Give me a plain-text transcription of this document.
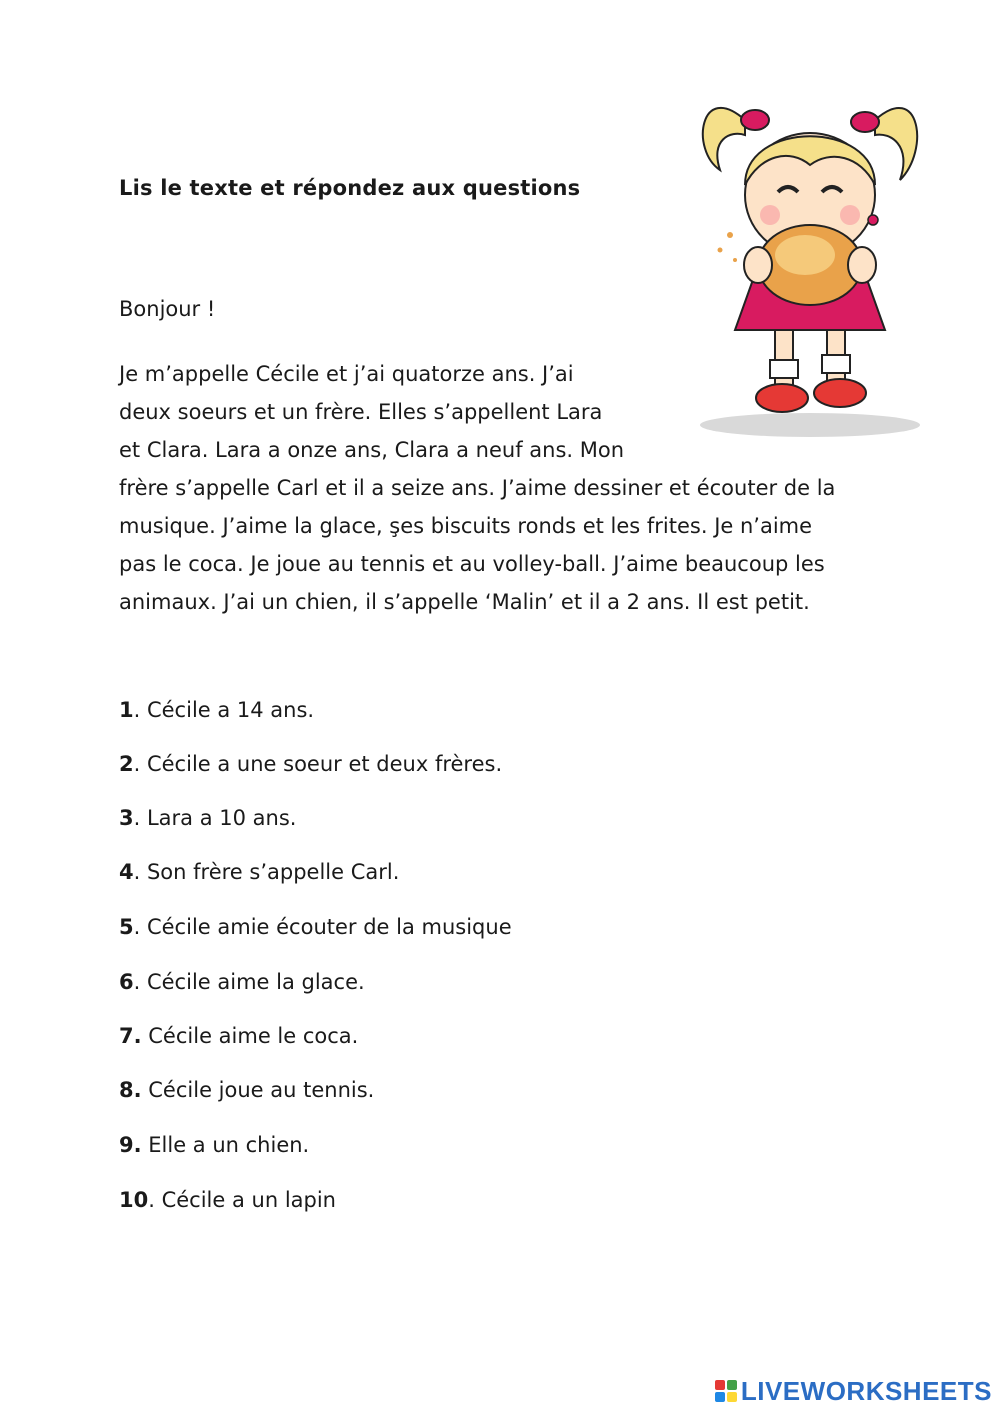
Lis le texte et répondez aux questions
Bonjour !
Je m’appelle Cécile et j’ai quatorze ans. J’ai
deux soeurs et un frère. Elles s’appellent Lara
et Clara. Lara a onze ans, Clara a neuf ans. Mon
frère s’appelle Carl et il a seize ans. J’aime dessiner et écouter de la
musique. J’aime la glace, şes biscuits ronds et les frites. Je n’aime
pas le coca. Je joue au tennis et au volley-ball. J’aime beaucoup les
animaux. J’ai un chien, il s’appelle ‘Malin’ et il a 2 ans. Il est petit.
1. Cécile a 14 ans.
2. Cécile a une soeur et deux frères.
3. Lara a 10 ans.
4. Son frère s’appelle Carl.
5. Cécile amie écouter de la musique
6. Cécile aime la glace.
7. Cécile aime le coca.
8. Cécile joue au tennis.
9. Elle a un chien.
10. Cécile a un lapin
LIVEWORKSHEETS
